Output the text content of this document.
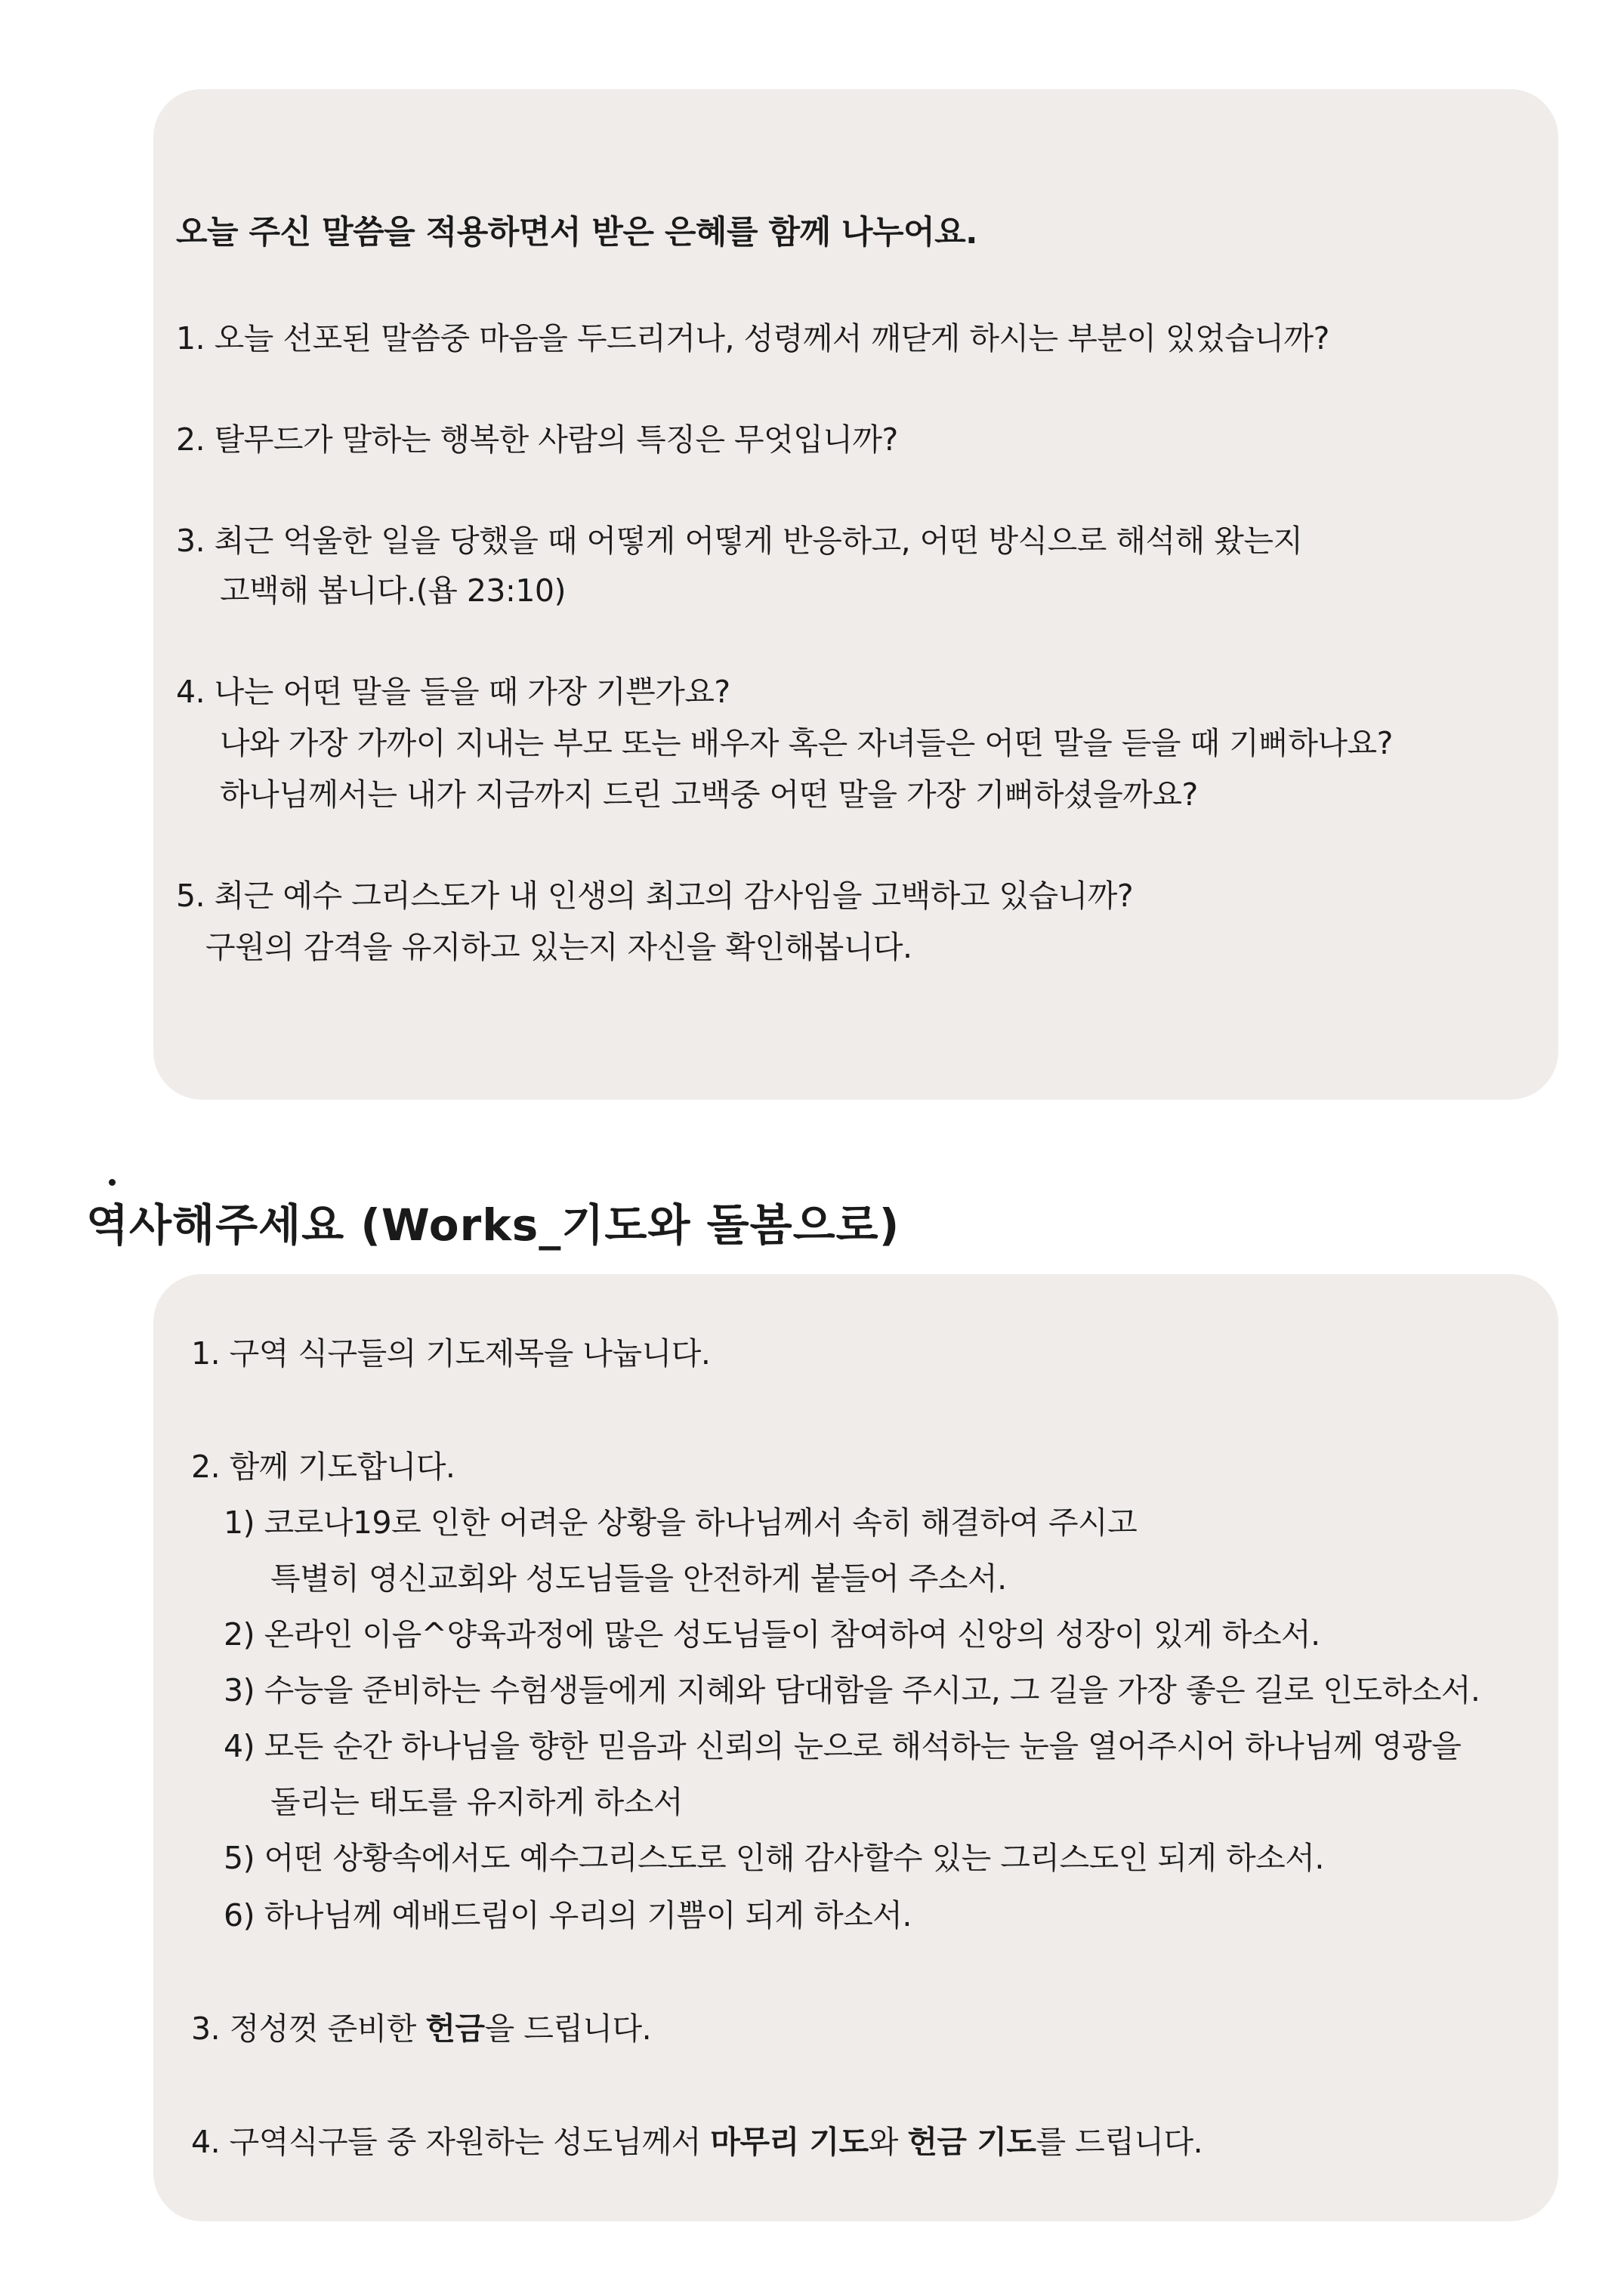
오늘 주신 말씀을 적용하면서 받은 은혜를 함께 나누어요.
1. 오늘 선포된 말씀중 마음을 두드리거나, 성령께서 깨닫게 하시는 부분이 있었습니까?
2. 탈무드가 말하는 행복한 사람의 특징은 무엇입니까?
3. 최근 억울한 일을 당했을 때 어떻게 어떻게 반응하고, 어떤 방식으로 해석해 왔는지
고백해 봅니다.(욥 23:10)
4. 나는 어떤 말을 들을 때 가장 기쁜가요?
나와 가장 가까이 지내는 부모 또는 배우자 혹은 자녀들은 어떤 말을 듣을 때 기뻐하나요?
하나님께서는 내가 지금까지 드린 고백중 어떤 말을 가장 기뻐하셨을까요?
5. 최근 예수 그리스도가 내 인생의 최고의 감사임을 고백하고 있습니까?
구원의 감격을 유지하고 있는지 자신을 확인해봅니다.
역사해주세요 (Works_기도와 돌봄으로)
1. 구역 식구들의 기도제목을 나눕니다.
2. 함께 기도합니다.
1) 코로나19로 인한 어려운 상황을 하나님께서 속히 해결하여 주시고
특별히 영신교회와 성도님들을 안전하게 붙들어 주소서.
2) 온라인 이음^양육과정에 많은 성도님들이 참여하여 신앙의 성장이 있게 하소서.
3) 수능을 준비하는 수험생들에게 지혜와 담대함을 주시고, 그 길을 가장 좋은 길로 인도하소서.
4) 모든 순간 하나님을 향한 믿음과 신뢰의 눈으로 해석하는 눈을 열어주시어 하나님께 영광을
돌리는 태도를 유지하게 하소서
5) 어떤 상황속에서도 예수그리스도로 인해 감사할수 있는 그리스도인 되게 하소서.
6) 하나님께 예배드림이 우리의 기쁨이 되게 하소서.
3. 정성껏 준비한 헌금을 드립니다.
4. 구역식구들 중 자원하는 성도님께서 마무리 기도와 헌금 기도를 드립니다.
